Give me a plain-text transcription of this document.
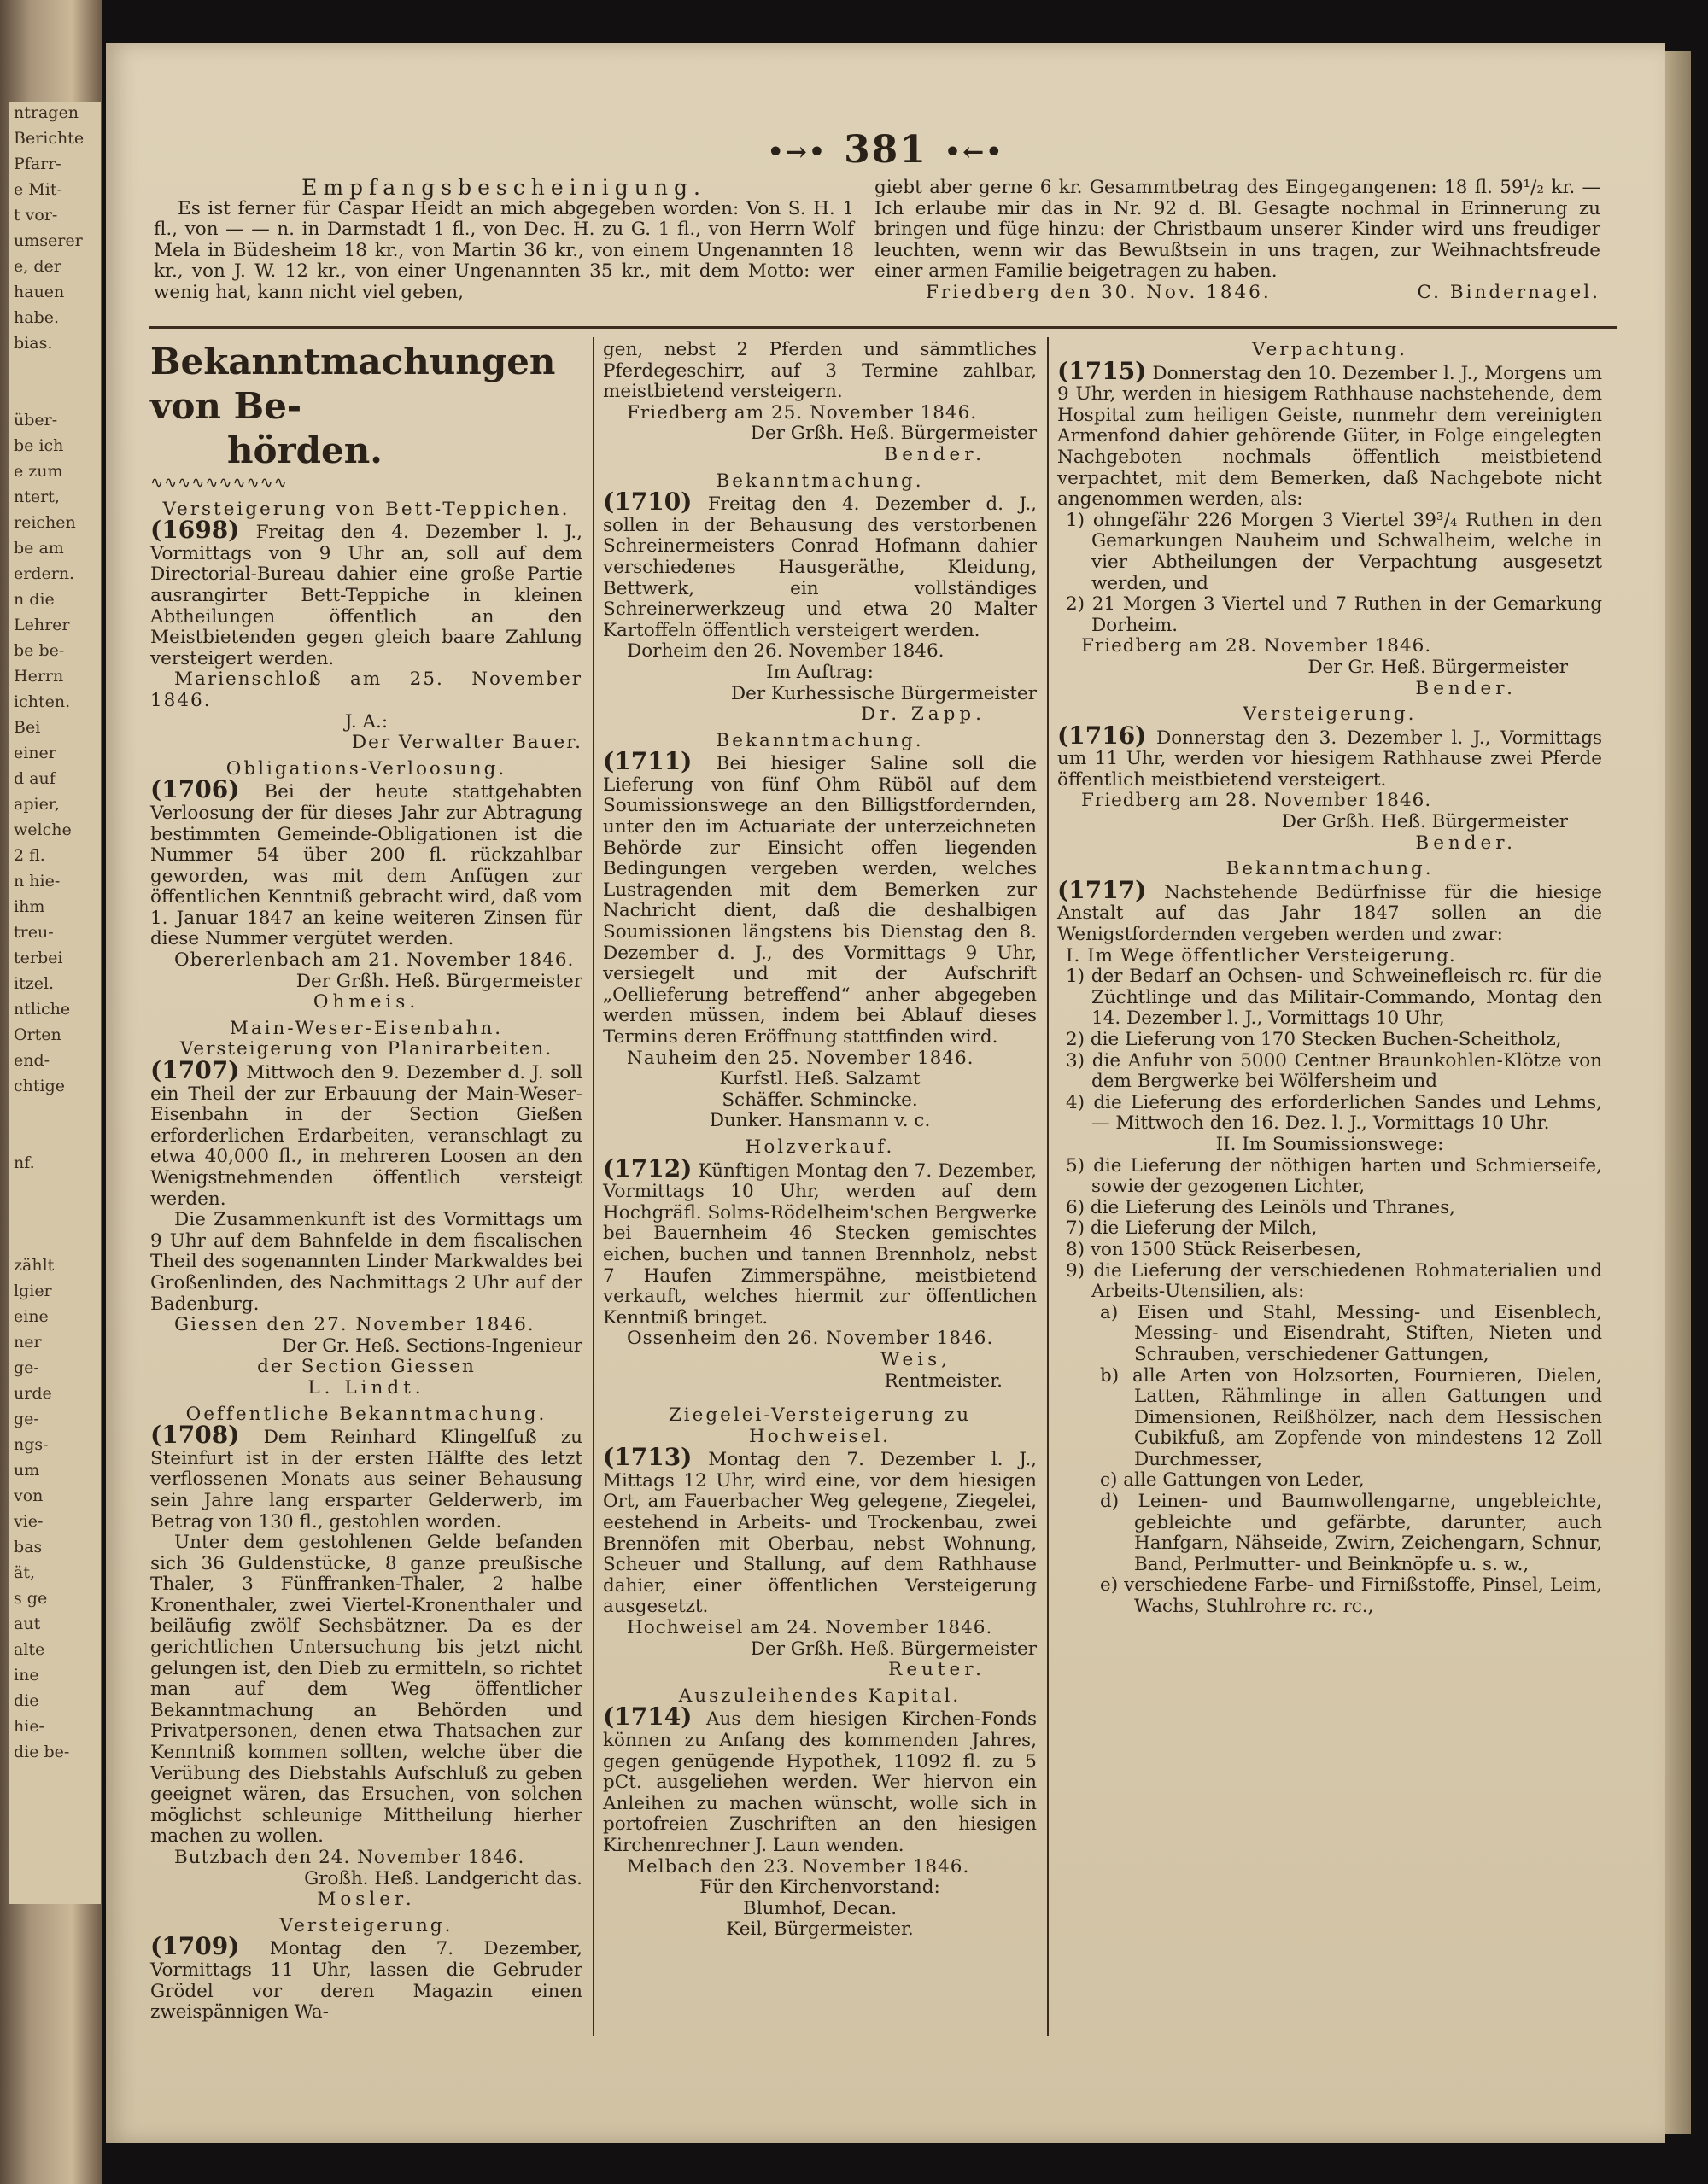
ntragen
Berichte
Pfarr-
e Mit-
t vor-
umserer
e, der
hauen
habe.
bias.
über-
be ich
e zum
ntert,
reichen
be am
erdern.
n die
Lehrer
be be-
Herrn
ichten.
Bei
einer
d auf
apier,
welche
2 fl.
n hie-
ihm
treu-
terbei
itzel.
ntliche
Orten
end-
chtige
nf.
zählt
lgier
eine
ner
ge-
urde
ge-
ngs-
um
von
vie-
bas
ät,
s ge
aut
alte
ine
die
hie-
die be-
•→• 381 •←•

Empfangsbescheinigung.

Es ist ferner für Caspar Heidt an mich abgegeben worden: Von S. H. 1 fl., von — — n. in Darmstadt 1 fl., von Dec. H. zu G. 1 fl., von Herrn Wolf Mela in Büdesheim 18 kr., von Martin 36 kr., von einem Ungenannten 18 kr., von J. W. 12 kr., von einer Ungenannten 35 kr., mit dem Motto: wer wenig hat, kann nicht viel geben,

giebt aber gerne 6 kr. Gesammtbetrag des Eingegangenen: 18 fl. 59¹/₂ kr. — Ich erlaube mir das in Nr. 92 d. Bl. Gesagte nochmal in Erinnerung zu bringen und füge hinzu: der Christbaum unserer Kinder wird uns freudiger leuchten, wenn wir das Bewußtsein in uns tragen, zur Weihnachtsfreude einer armen Familie beigetragen zu haben.

Friedberg den 30. Nov. 1846.	C. Bindernagel.

Bekanntmachungen von Be-

hörden.

∿∿∿∿∿∿∿∿∿∿

Versteigerung von Bett-Teppichen.

(1698) Freitag den 4. Dezember l. J., Vormittags von 9 Uhr an, soll auf dem Directorial-Bureau dahier eine große Partie ausrangirter Bett-Teppiche in kleinen Abtheilungen öffentlich an den Meistbietenden gegen gleich baare Zahlung versteigert werden.

Marienschloß am 25. November 1846.

J. A.:

Der Verwalter Bauer.

Obligations-Verloosung.

(1706) Bei der heute stattgehabten Verloosung der für dieses Jahr zur Abtragung bestimmten Gemeinde-Obligationen ist die Nummer 54 über 200 fl. rückzahlbar geworden, was mit dem Anfügen zur öffentlichen Kenntniß gebracht wird, daß vom 1. Januar 1847 an keine weiteren Zinsen für diese Nummer vergütet werden.

Obererlenbach am 21. November 1846.

Der Grßh. Heß. Bürgermeister

Ohmeis.

Main-Weser-Eisenbahn.

Versteigerung von Planirarbeiten.

(1707) Mittwoch den 9. Dezember d. J. soll ein Theil der zur Erbauung der Main-Weser-Eisenbahn in der Section Gießen erforderlichen Erdarbeiten, veranschlagt zu etwa 40,000 fl., in mehreren Loosen an den Wenigstnehmenden öffentlich versteigt werden.

Die Zusammenkunft ist des Vormittags um 9 Uhr auf dem Bahnfelde in dem fiscalischen Theil des sogenannten Linder Markwaldes bei Großenlinden, des Nachmittags 2 Uhr auf der Badenburg.

Giessen den 27. November 1846.

Der Gr. Heß. Sections-Ingenieur

der Section Giessen

L. Lindt.

Oeffentliche Bekanntmachung.

(1708) Dem Reinhard Klingelfuß zu Steinfurt ist in der ersten Hälfte des letzt verflossenen Monats aus seiner Behausung sein Jahre lang ersparter Gelderwerb, im Betrag von 130 fl., gestohlen worden.

Unter dem gestohlenen Gelde befanden sich 36 Guldenstücke, 8 ganze preußische Thaler, 3 Fünffranken-Thaler, 2 halbe Kronenthaler, zwei Viertel-Kronenthaler und beiläufig zwölf Sechsbätzner. Da es der gerichtlichen Untersuchung bis jetzt nicht gelungen ist, den Dieb zu ermitteln, so richtet man auf dem Weg öffentlicher Bekanntmachung an Behörden und Privatpersonen, denen etwa Thatsachen zur Kenntniß kommen sollten, welche über die Verübung des Diebstahls Aufschluß zu geben geeignet wären, das Ersuchen, von solchen möglichst schleunige Mittheilung hierher machen zu wollen.

Butzbach den 24. November 1846.

Großh. Heß. Landgericht das.

Mosler.

Versteigerung.

(1709) Montag den 7. Dezember, Vormittags 11 Uhr, lassen die Gebruder Grödel vor deren Magazin einen zweispännigen Wa-

gen, nebst 2 Pferden und sämmtliches Pferdegeschirr, auf 3 Termine zahlbar, meistbietend versteigern.

Friedberg am 25. November 1846.

Der Grßh. Heß. Bürgermeister

Bender.

Bekanntmachung.

(1710) Freitag den 4. Dezember d. J., sollen in der Behausung des verstorbenen Schreinermeisters Conrad Hofmann dahier verschiedenes Hausgeräthe, Kleidung, Bettwerk, ein vollständiges Schreinerwerkzeug und etwa 20 Malter Kartoffeln öffentlich versteigert werden.

Dorheim den 26. November 1846.

Im Auftrag:

Der Kurhessische Bürgermeister

Dr. Zapp.

Bekanntmachung.

(1711) Bei hiesiger Saline soll die Lieferung von fünf Ohm Rüböl auf dem Soumissionswege an den Billigstfordernden, unter den im Actuariate der unterzeichneten Behörde zur Einsicht offen liegenden Bedingungen vergeben werden, welches Lustragenden mit dem Bemerken zur Nachricht dient, daß die deshalbigen Soumissionen längstens bis Dienstag den 8. Dezember d. J., des Vormittags 9 Uhr, versiegelt und mit der Aufschrift „Oellieferung betreffend“ anher abgegeben werden müssen, indem bei Ablauf dieses Termins deren Eröffnung stattfinden wird.

Nauheim den 25. November 1846.

Kurfstl. Heß. Salzamt

Schäffer. Schmincke.

Dunker. Hansmann v. c.

Holzverkauf.

(1712) Künftigen Montag den 7. Dezember, Vormittags 10 Uhr, werden auf dem Hochgräfl. Solms-Rödelheim'schen Bergwerke bei Bauernheim 46 Stecken gemischtes eichen, buchen und tannen Brennholz, nebst 7 Haufen Zimmerspähne, meistbietend verkauft, welches hiermit zur öffentlichen Kenntniß bringet.

Ossenheim den 26. November 1846.

Weis,

Rentmeister.

Ziegelei-Versteigerung zu Hochweisel.

(1713) Montag den 7. Dezember l. J., Mittags 12 Uhr, wird eine, vor dem hiesigen Ort, am Fauerbacher Weg gelegene, Ziegelei, eestehend in Arbeits- und Trockenbau, zwei Brennöfen mit Oberbau, nebst Wohnung, Scheuer und Stallung, auf dem Rathhause dahier, einer öffentlichen Versteigerung ausgesetzt.

Hochweisel am 24. November 1846.

Der Grßh. Heß. Bürgermeister

Reuter.

Auszuleihendes Kapital.

(1714) Aus dem hiesigen Kirchen-Fonds können zu Anfang des kommenden Jahres, gegen genügende Hypothek, 11092 fl. zu 5 pCt. ausgeliehen werden. Wer hiervon ein Anleihen zu machen wünscht, wolle sich in portofreien Zuschriften an den hiesigen Kirchenrechner J. Laun wenden.

Melbach den 23. November 1846.

Für den Kirchenvorstand:

Blumhof, Decan.

Keil, Bürgermeister.

Verpachtung.

(1715) Donnerstag den 10. Dezember l. J., Morgens um 9 Uhr, werden in hiesigem Rathhause nachstehende, dem Hospital zum heiligen Geiste, nunmehr dem vereinigten Armenfond dahier gehörende Güter, in Folge eingelegten Nachgeboten nochmals öffentlich meistbietend verpachtet, mit dem Bemerken, daß Nachgebote nicht angenommen werden, als:

1) ohngefähr 226 Morgen 3 Viertel 39³/₄ Ruthen in den Gemarkungen Nauheim und Schwalheim, welche in vier Abtheilungen der Verpachtung ausgesetzt werden, und

2) 21 Morgen 3 Viertel und 7 Ruthen in der Gemarkung Dorheim.

Friedberg am 28. November 1846.

Der Gr. Heß. Bürgermeister

Bender.

Versteigerung.

(1716) Donnerstag den 3. Dezember l. J., Vormittags um 11 Uhr, werden vor hiesigem Rathhause zwei Pferde öffentlich meistbietend versteigert.

Friedberg am 28. November 1846.

Der Grßh. Heß. Bürgermeister

Bender.

Bekanntmachung.

(1717) Nachstehende Bedürfnisse für die hiesige Anstalt auf das Jahr 1847 sollen an die Wenigstfordernden vergeben werden und zwar:

I. Im Wege öffentlicher Versteigerung.

1) der Bedarf an Ochsen- und Schweinefleisch rc. für die Züchtlinge und das Militair-Commando, Montag den 14. Dezember l. J., Vormittags 10 Uhr,

2) die Lieferung von 170 Stecken Buchen-Scheitholz,

3) die Anfuhr von 5000 Centner Braunkohlen-Klötze von dem Bergwerke bei Wölfersheim und

4) die Lieferung des erforderlichen Sandes und Lehms, — Mittwoch den 16. Dez. l. J., Vormittags 10 Uhr.

II. Im Soumissionswege:

5) die Lieferung der nöthigen harten und Schmierseife, sowie der gezogenen Lichter,

6) die Lieferung des Leinöls und Thranes,

7) die Lieferung der Milch,

8) von 1500 Stück Reiserbesen,

9) die Lieferung der verschiedenen Rohmaterialien und Arbeits-Utensilien, als:

a) Eisen und Stahl, Messing- und Eisenblech, Messing- und Eisendraht, Stiften, Nieten und Schrauben, verschiedener Gattungen,

b) alle Arten von Holzsorten, Fournieren, Dielen, Latten, Rähmlinge in allen Gattungen und Dimensionen, Reißhölzer, nach dem Hessischen Cubikfuß, am Zopfende von mindestens 12 Zoll Durchmesser,

c) alle Gattungen von Leder,

d) Leinen- und Baumwollengarne, ungebleichte, gebleichte und gefärbte, darunter, auch Hanfgarn, Nähseide, Zwirn, Zeichengarn, Schnur, Band, Perlmutter- und Beinknöpfe u. s. w.,

e) verschiedene Farbe- und Firnißstoffe, Pinsel, Leim, Wachs, Stuhlrohre rc. rc.,
